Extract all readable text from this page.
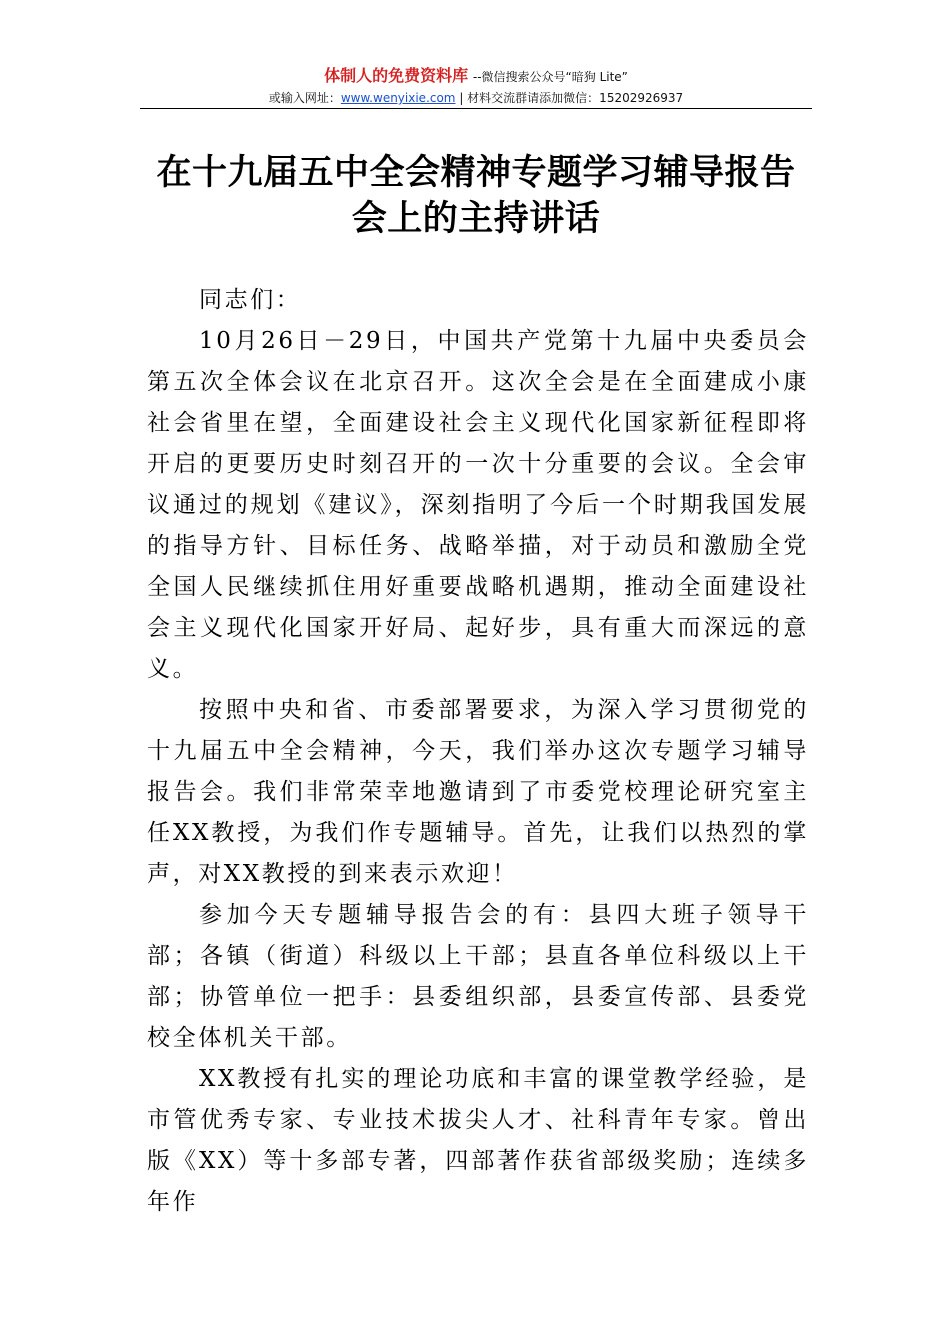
体制人的免费资料库 --微信搜索公众号“暗狗 Lite”
或输入网址：www.wenyixie.com | 材料交流群请添加微信：15202926937
在十九届五中全会精神专题学习辅导报告
会上的主持讲话

同志们：

10月26日－29日，中国共产党第十九届中央委员会第五次全体会议在北京召开。这次全会是在全面建成小康社会省里在望，全面建设社会主义现代化国家新征程即将开启的更要历史时刻召开的一次十分重要的会议。全会审议通过的规划《建议》，深刻指明了今后一个时期我国发展的指导方针、目标任务、战略举描，对于动员和激励全党全国人民继续抓住用好重要战略机遇期，推动全面建设社会主义现代化国家开好局、起好步，具有重大而深远的意义。

按照中央和省、市委部署要求，为深入学习贯彻党的十九届五中全会精神，今天，我们举办这次专题学习辅导报告会。我们非常荣幸地邀请到了市委党校理论研究室主任XX教授，为我们作专题辅导。首先，让我们以热烈的掌声，对XX教授的到来表示欢迎！

参加今天专题辅导报告会的有：县四大班子领导干部；各镇（街道）科级以上干部；县直各单位科级以上干部；协管单位一把手：县委组织部，县委宣传部、县委党校全体机关干部。

XX教授有扎实的理论功底和丰富的课堂教学经验，是市管优秀专家、专业技术拔尖人才、社科青年专家。曾出版《XX）等十多部专著，四部著作获省部级奖励；连续多年作
